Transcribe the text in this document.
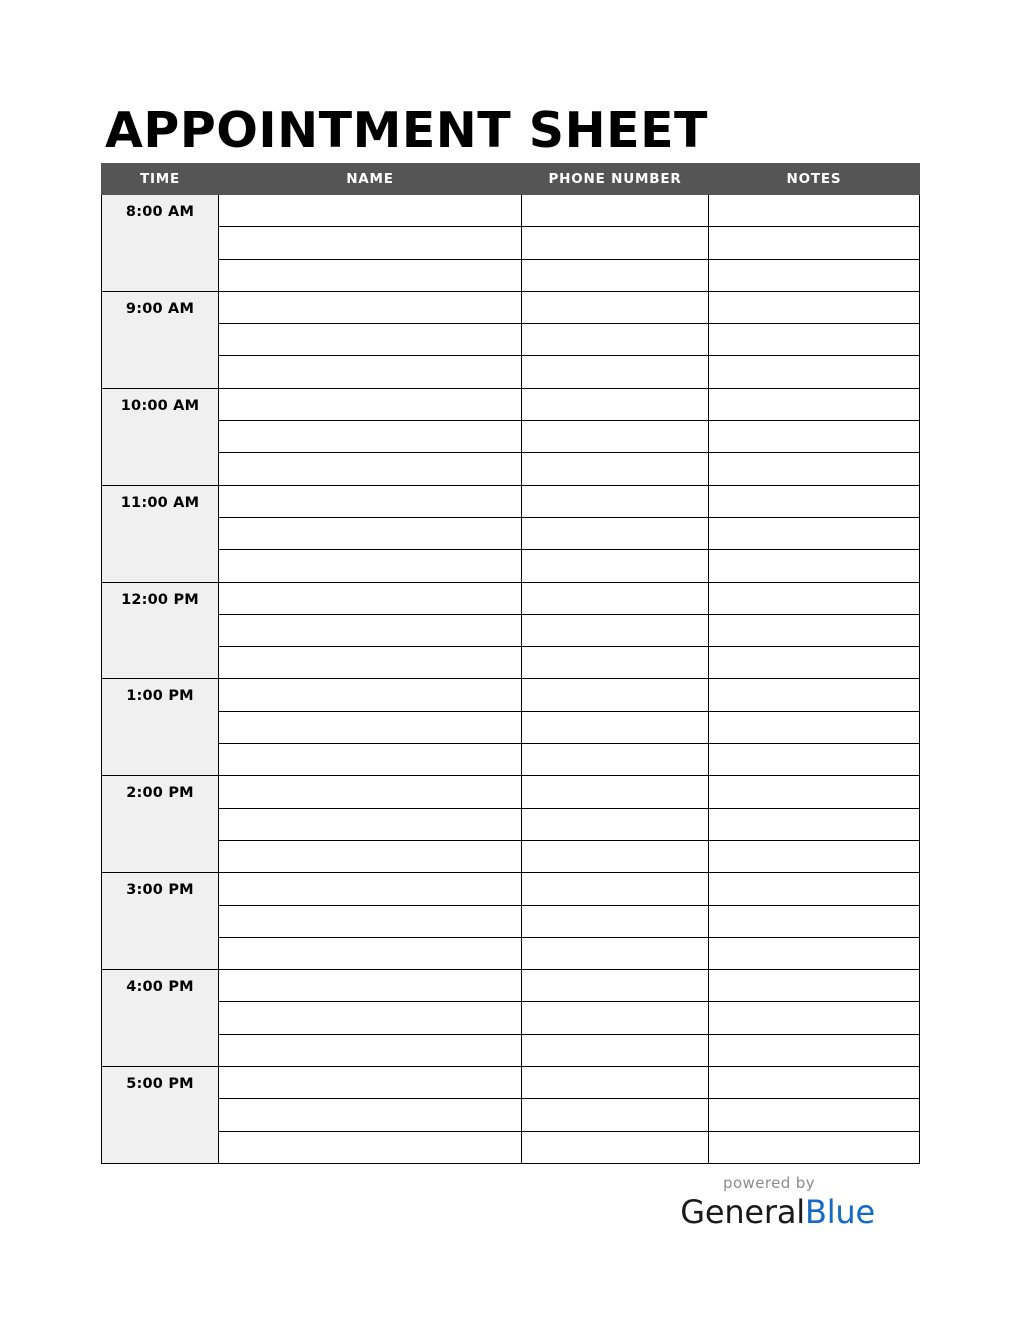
APPOINTMENT SHEET
TIME	NAME	PHONE NUMBER	NOTES

8:00 AM			

9:00 AM			

10:00 AM			

11:00 AM			

12:00 PM			

1:00 PM			

2:00 PM			

3:00 PM			

4:00 PM			

5:00 PM			

powered by
GeneralBlue
